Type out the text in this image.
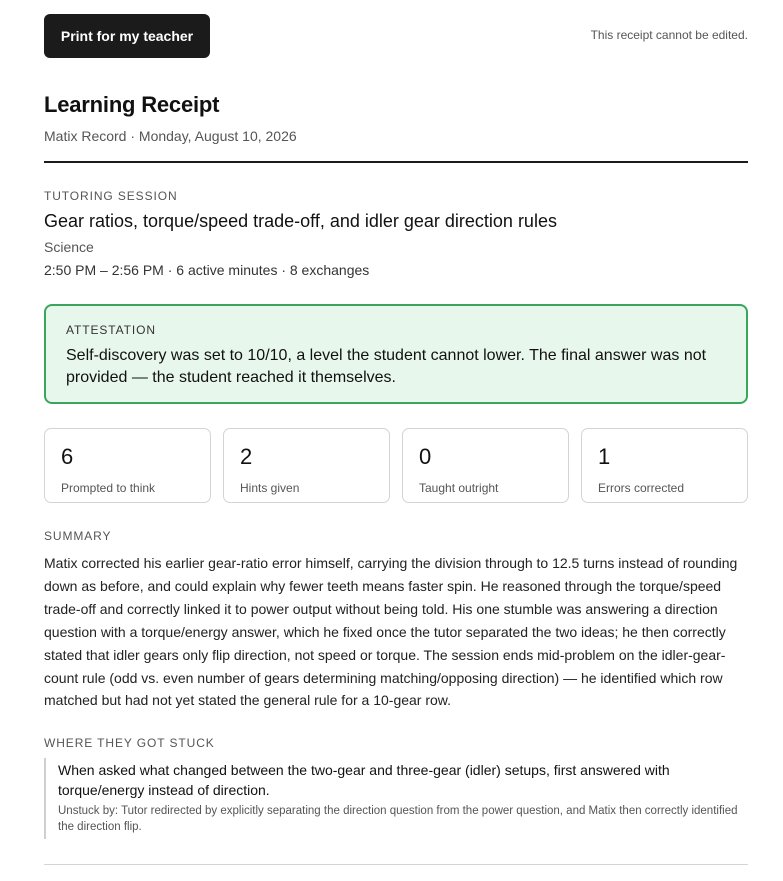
Print for my teacher	This receipt cannot be edited.
Learning Receipt
Matix Record · Monday, August 10, 2026
TUTORING SESSION
Gear ratios, torque/speed trade-off, and idler gear direction rules
Science
2:50 PM – 2:56 PM · 6 active minutes · 8 exchanges
ATTESTATION
Self-discovery was set to 10/10, a level the student cannot lower. The final answer was not provided — the student reached it themselves.
6
Prompted to think
2
Hints given
0
Taught outright
1
Errors corrected
SUMMARY

Matix corrected his earlier gear-ratio error himself, carrying the division through to 12.5 turns instead of rounding down as before, and could explain why fewer teeth means faster spin. He reasoned through the torque/speed trade-off and correctly linked it to power output without being told. His one stumble was answering a direction question with a torque/energy answer, which he fixed once the tutor separated the two ideas; he then correctly stated that idler gears only flip direction, not speed or torque. The session ends mid-problem on the idler-gear-count rule (odd vs. even number of gears determining matching/opposing direction) — he identified which row matched but had not yet stated the general rule for a 10-gear row.

WHERE THEY GOT STUCK
When asked what changed between the two-gear and three-gear (idler) setups, first answered with torque/energy instead of direction.
Unstuck by: Tutor redirected by explicitly separating the direction question from the power question, and Matix then correctly identified the direction flip.
